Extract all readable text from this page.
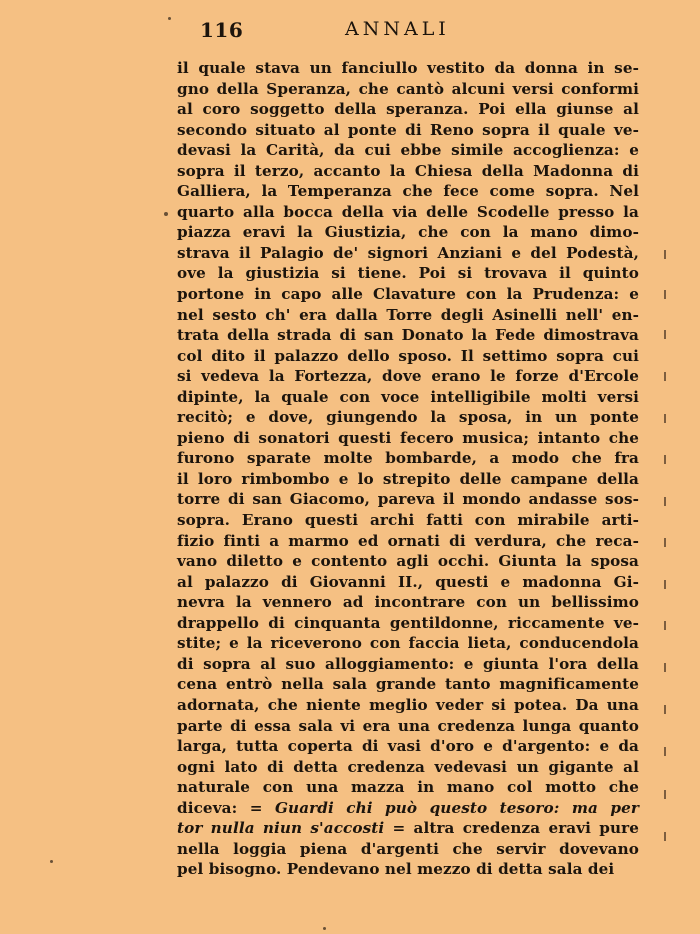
116	ANNALI
il quale stava un fanciullo vestito da donna in se-
gno della Speranza, che cantò alcuni versi conformi
al coro soggetto della speranza. Poi ella giunse al
secondo situato al ponte di Reno sopra il quale ve-
devasi la Carità, da cui ebbe simile accoglienza: e
sopra il terzo, accanto la Chiesa della Madonna di
Galliera, la Temperanza che fece come sopra. Nel
quarto alla bocca della via delle Scodelle presso la
piazza eravi la Giustizia, che con la mano dimo-
strava il Palagio de' signori Anziani e del Podestà,
ove la giustizia si tiene. Poi si trovava il quinto
portone in capo alle Clavature con la Prudenza: e
nel sesto ch' era dalla Torre degli Asinelli nell' en-
trata della strada di san Donato la Fede dimostrava
col dito il palazzo dello sposo. Il settimo sopra cui
si vedeva la Fortezza, dove erano le forze d'Ercole
dipinte, la quale con voce intelligibile molti versi
recitò; e dove, giungendo la sposa, in un ponte
pieno di sonatori questi fecero musica; intanto che
furono sparate molte bombarde, a modo che fra
il loro rimbombo e lo strepito delle campane della
torre di san Giacomo, pareva il mondo andasse sos-
sopra. Erano questi archi fatti con mirabile arti-
fizio finti a marmo ed ornati di verdura, che reca-
vano diletto e contento agli occhi. Giunta la sposa
al palazzo di Giovanni II., questi e madonna Gi-
nevra la vennero ad incontrare con un bellissimo
drappello di cinquanta gentildonne, riccamente ve-
stite; e la riceverono con faccia lieta, conducendola
di sopra al suo alloggiamento: e giunta l'ora della
cena entrò nella sala grande tanto magnificamente
adornata, che niente meglio veder si potea. Da una
parte di essa sala vi era una credenza lunga quanto
larga, tutta coperta di vasi d'oro e d'argento: e da
ogni lato di detta credenza vedevasi un gigante al
naturale con una mazza in mano col motto che
diceva: = Guardi chi può questo tesoro: ma per
tor nulla niun s'accosti = altra credenza eravi pure
nella loggia piena d'argenti che servir dovevano
pel bisogno. Pendevano nel mezzo di detta sala dei
